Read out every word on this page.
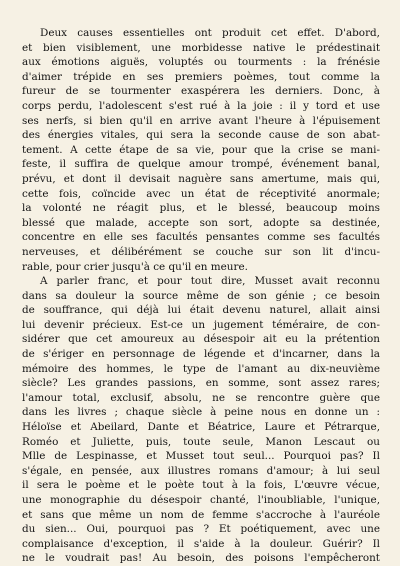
Deux causes essentielles ont produit cet effet. D'abord,
et bien visiblement, une morbidesse native le prédestinait
aux émotions aiguës, voluptés ou tourments : la frénésie
d'aimer trépide en ses premiers poèmes, tout comme la
fureur de se tourmenter exaspérera les derniers. Donc, à
corps perdu, l'adolescent s'est rué à la joie : il y tord et use
ses nerfs, si bien qu'il en arrive avant l'heure à l'épuisement
des énergies vitales, qui sera la seconde cause de son abat-
tement. A cette étape de sa vie, pour que la crise se mani-
feste, il suffira de quelque amour trompé, événement banal,
prévu, et dont il devisait naguère sans amertume, mais qui,
cette fois, coïncide avec un état de réceptivité anormale;
la volonté ne réagit plus, et le blessé, beaucoup moins
blessé que malade, accepte son sort, adopte sa destinée,
concentre en elle ses facultés pensantes comme ses facultés
nerveuses, et délibérément se couche sur son lit d'incu-
rable, pour crier jusqu'à ce qu'il en meure.

A parler franc, et pour tout dire, Musset avait reconnu
dans sa douleur la source même de son génie ; ce besoin
de souffrance, qui déjà lui était devenu naturel, allait ainsi
lui devenir précieux. Est-ce un jugement téméraire, de con-
sidérer que cet amoureux au désespoir ait eu la prétention
de s'ériger en personnage de légende et d'incarner, dans la
mémoire des hommes, le type de l'amant au dix-neuvième
siècle? Les grandes passions, en somme, sont assez rares;
l'amour total, exclusif, absolu, ne se rencontre guère que
dans les livres ; chaque siècle à peine nous en donne un :
Héloïse et Abeilard, Dante et Béatrice, Laure et Pétrarque,
Roméo et Juliette, puis, toute seule, Manon Lescaut ou
Mlle de Lespinasse, et Musset tout seul... Pourquoi pas? Il
s'égale, en pensée, aux illustres romans d'amour; à lui seul
il sera le poème et le poète tout à la fois, L'œuvre vécue,
une monographie du désespoir chanté, l'inoubliable, l'unique,
et sans que même un nom de femme s'accroche à l'auréole
du sien... Oui, pourquoi pas ? Et poétiquement, avec une
complaisance d'exception, il s'aide à la douleur. Guérir? Il
ne le voudrait pas! Au besoin, des poisons l'empêcheront
